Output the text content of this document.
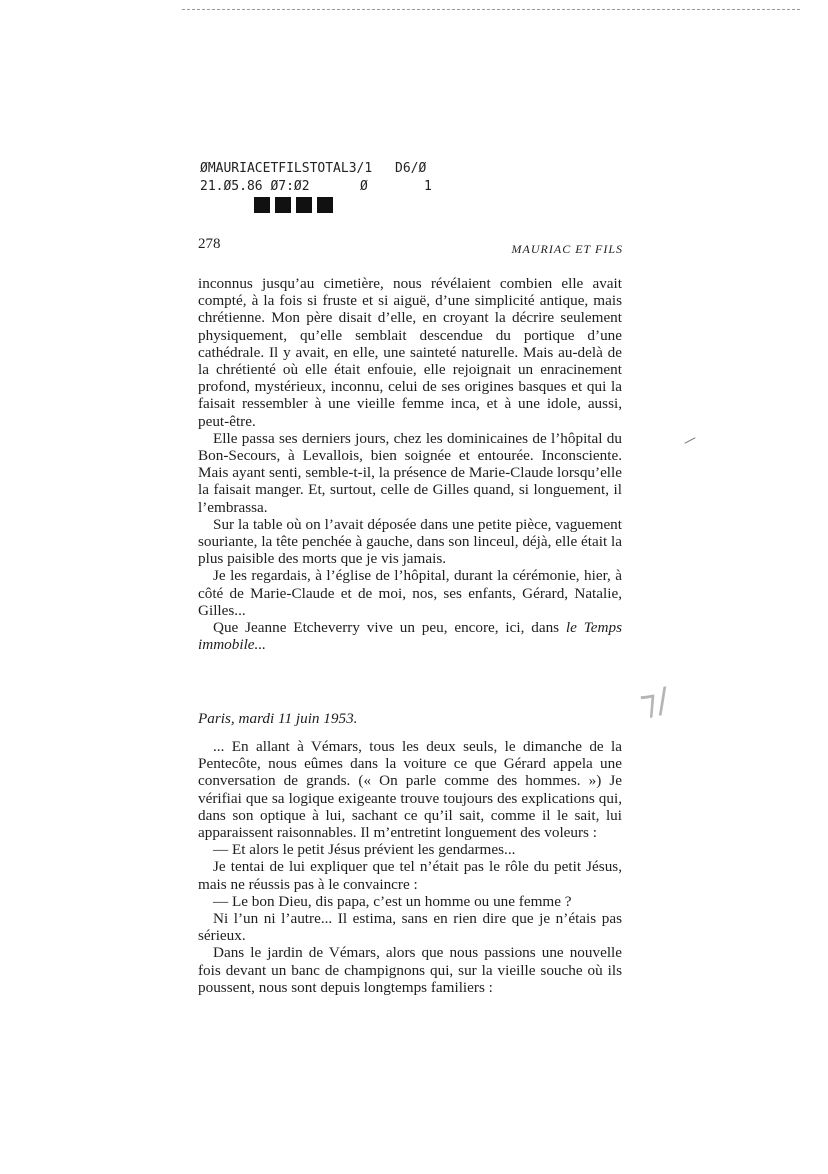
ØMAURIACETFILSTOTAL3/1 D6/Ø
21.Ø5.86 Ø7:Ø2	Ø	1
278	MAURIAC ET FILS

inconnus jusqu’au cimetière, nous révélaient combien elle avait compté, à la fois si fruste et si aiguë, d’une simplicité antique, mais chrétienne. Mon père disait d’elle, en croyant la décrire seulement physiquement, qu’elle semblait descendue du portique d’une cathédrale. Il y avait, en elle, une sainteté naturelle. Mais au-delà de la chrétienté où elle était enfouie, elle rejoignait un enracinement profond, mystérieux, inconnu, celui de ses origines basques et qui la faisait ressembler à une vieille femme inca, et à une idole, aussi, peut-être.

Elle passa ses derniers jours, chez les dominicaines de l’hôpital du Bon-Secours, à Levallois, bien soignée et entourée. Inconsciente. Mais ayant senti, semble-t-il, la présence de Marie-Claude lorsqu’elle la faisait manger. Et, surtout, celle de Gilles quand, si longuement, il l’embrassa.

Sur la table où on l’avait déposée dans une petite pièce, vaguement souriante, la tête penchée à gauche, dans son linceul, déjà, elle était la plus paisible des morts que je vis jamais.

Je les regardais, à l’église de l’hôpital, durant la cérémonie, hier, à côté de Marie-Claude et de moi, nos, ses enfants, Gérard, Natalie, Gilles...

Que Jeanne Etcheverry vive un peu, encore, ici, dans le Temps immobile...

Paris, mardi 11 juin 1953.

... En allant à Vémars, tous les deux seuls, le dimanche de la Pentecôte, nous eûmes dans la voiture ce que Gérard appela une conversation de grands. (« On parle comme des hommes. ») Je vérifiai que sa logique exigeante trouve toujours des explications qui, dans son optique à lui, sachant ce qu’il sait, comme il le sait, lui apparaissent raisonnables. Il m’entretint longuement des voleurs :

— Et alors le petit Jésus prévient les gendarmes...

Je tentai de lui expliquer que tel n’était pas le rôle du petit Jésus, mais ne réussis pas à le convaincre :

— Le bon Dieu, dis papa, c’est un homme ou une femme ?

Ni l’un ni l’autre... Il estima, sans en rien dire que je n’étais pas sérieux.

Dans le jardin de Vémars, alors que nous passions une nouvelle fois devant un banc de champignons qui, sur la vieille souche où ils poussent, nous sont depuis longtemps familiers :

⁊/
